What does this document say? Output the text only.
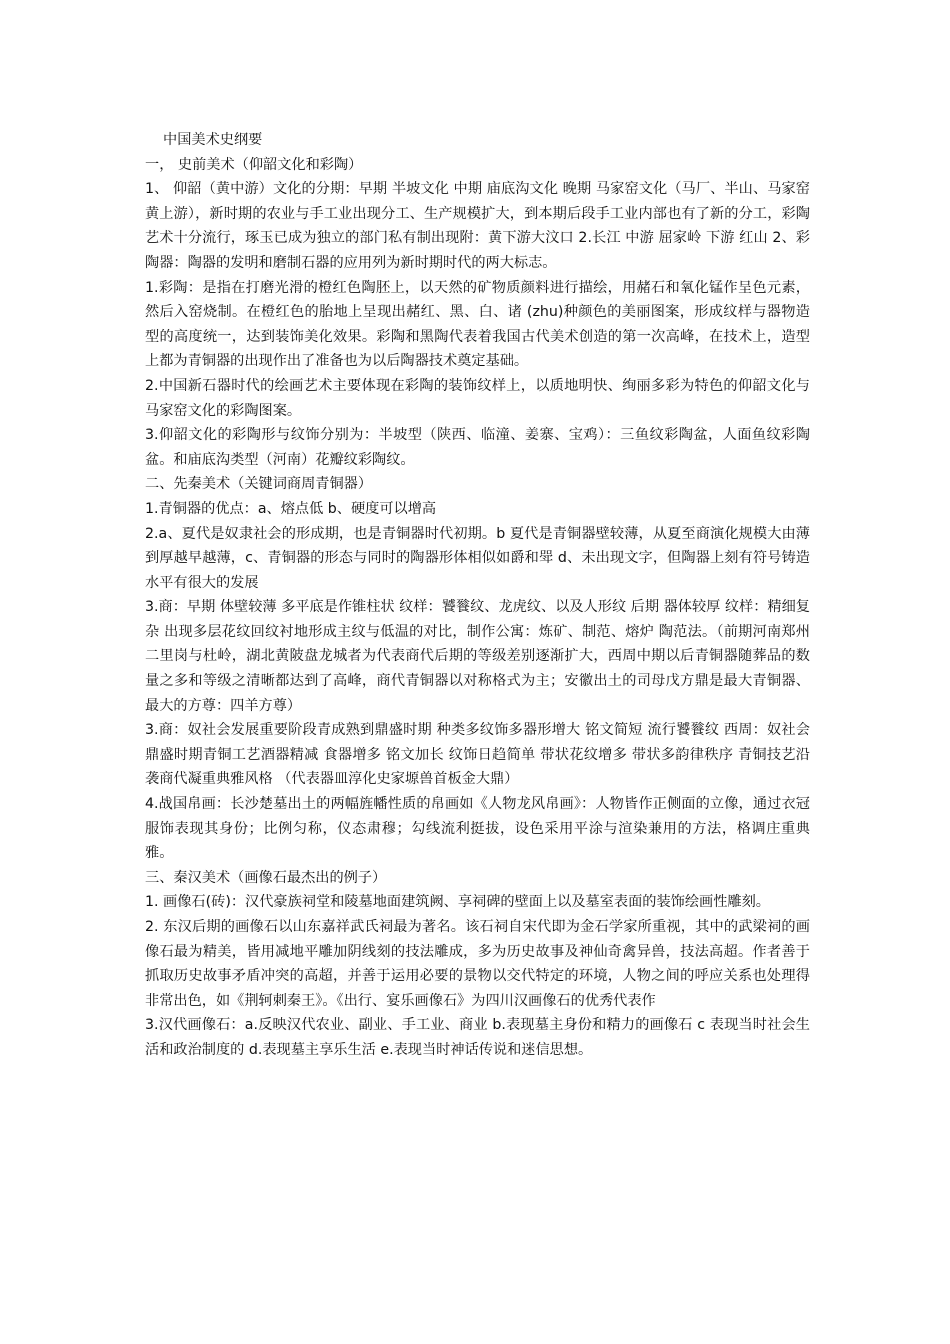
中国美术史纲要

一， 史前美术（仰韶文化和彩陶）

1、 仰韶（黄中游）文化的分期：早期 半坡文化 中期 庙底沟文化 晚期 马家窑文化（马厂、半山、马家窑黄上游），新时期的农业与手工业出现分工、生产规模扩大，到本期后段手工业内部也有了新的分工，彩陶艺术十分流行，琢玉已成为独立的部门私有制出现附：黄下游大汶口 2.长江 中游 屈家岭 下游 红山 2、彩陶器：陶器的发明和磨制石器的应用列为新时期时代的两大标志。

1.彩陶：是指在打磨光滑的橙红色陶胚上，以天然的矿物质颜料进行描绘，用赭石和氧化锰作呈色元素，然后入窑烧制。在橙红色的胎地上呈现出赭红、黑、白、诸 (zhu)种颜色的美丽图案，形成纹样与器物造型的高度统一，达到装饰美化效果。彩陶和黑陶代表着我国古代美术创造的第一次高峰，在技术上，造型上都为青铜器的出现作出了准备也为以后陶器技术奠定基础。

2.中国新石器时代的绘画艺术主要体现在彩陶的装饰纹样上，以质地明快、绚丽多彩为特色的仰韶文化与马家窑文化的彩陶图案。

3.仰韶文化的彩陶形与纹饰分别为：半坡型（陕西、临潼、姜寨、宝鸡）：三鱼纹彩陶盆，人面鱼纹彩陶盆。和庙底沟类型（河南）花瓣纹彩陶纹。

二、先秦美术（关键词商周青铜器）

1.青铜器的优点：a、熔点低 b、硬度可以增高

2.a、夏代是奴隶社会的形成期，也是青铜器时代初期。b 夏代是青铜器壁较薄，从夏至商演化规模大由薄到厚越早越薄，c、青铜器的形态与同时的陶器形体相似如爵和斝 d、未出现文字，但陶器上刻有符号铸造水平有很大的发展

3.商：早期 体壁较薄 多平底是作锥柱状 纹样：饕餮纹、龙虎纹、以及人形纹 后期 器体较厚 纹样：精细复杂 出现多层花纹回纹衬地形成主纹与低温的对比，制作公寓：炼矿、制范、熔炉 陶范法。（前期河南郑州二里岗与杜岭，湖北黄陂盘龙城者为代表商代后期的等级差别逐渐扩大，西周中期以后青铜器随葬品的数量之多和等级之清晰都达到了高峰，商代青铜器以对称格式为主；安徽出土的司母戊方鼎是最大青铜器、最大的方尊：四羊方尊）

3.商：奴社会发展重要阶段青成熟到鼎盛时期 种类多纹饰多器形增大 铭文简短 流行饕餮纹 西周：奴社会鼎盛时期青铜工艺酒器精减 食器增多 铭文加长 纹饰日趋简单 带状花纹增多 带状多韵律秩序 青铜技艺沿袭商代凝重典雅风格 （代表器皿淳化史家塬兽首板金大鼎）

4.战国帛画：长沙楚墓出土的两幅旌幡性质的帛画如《人物龙风帛画》：人物皆作正侧面的立像，通过衣冠服饰表现其身份；比例匀称，仪态肃穆；勾线流利挺拔，设色采用平涂与渲染兼用的方法，格调庄重典雅。

三、秦汉美术（画像石最杰出的例子）

1. 画像石(砖)：汉代豪族祠堂和陵墓地面建筑阙、享祠碑的壁面上以及墓室表面的装饰绘画性雕刻。

2. 东汉后期的画像石以山东嘉祥武氏祠最为著名。该石祠自宋代即为金石学家所重视，其中的武梁祠的画像石最为精美，皆用减地平雕加阴线刻的技法雕成，多为历史故事及神仙奇禽异兽，技法高超。作者善于抓取历史故事矛盾冲突的高超，并善于运用必要的景物以交代特定的环境，人物之间的呼应关系也处理得非常出色，如《荆轲刺秦王》。《出行、宴乐画像石》为四川汉画像石的优秀代表作

3.汉代画像石：a.反映汉代农业、副业、手工业、商业 b.表现墓主身份和精力的画像石 c 表现当时社会生活和政治制度的 d.表现墓主享乐生活 e.表现当时神话传说和迷信思想。
